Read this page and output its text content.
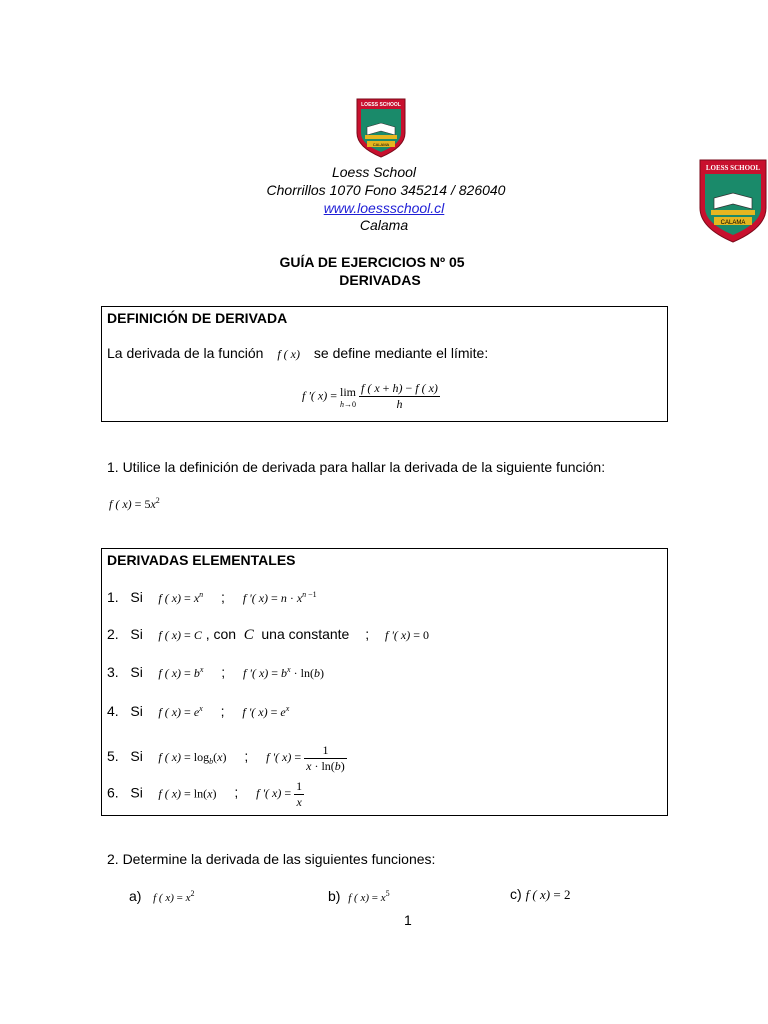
LOESS SCHOOL
CALAMA
LOESS SCHOOL
CALAMA
Loess School
Chorrillos 1070 Fono 345214 / 826040
www.loessschool.cl
Calama
GUÍA DE EJERCICIOS Nº 05
DERIVADAS
DEFINICIÓN DE DERIVADA
La derivada de la función f ( x) se define mediante el límite:
f '( x) = lim
h→0
$\frac{f ( x + h) - f ( x)}{h}$
1. Utilice la definición de derivada para hallar la derivada de la siguiente función:
f ( $x) = 5x^2$
DERIVADAS ELEMENTALES
1. Si f ( $x) = x^n$ ; f '( $x) = n \cdot x^{n -1}$
2. Si f ( x) = C , con  C  una constante ; f '( x) = 0
3. Si f ( $x) = b^x$ ; f '( $x) = b^x \cdot \ln(b)$
4. Si f ( $x) = e^x$ ; f '( $x) = e^x$
5. Si f ( $x) = \log_b(x)$ ; f '( $x) = \frac{1}{x \cdot \ln(b)}$
6. Si f ( x) = ln(x) ; f '( $x) = \frac{1}{x}$
2. Determine la derivada de las siguientes funciones:
a) f ( $x) = x^2$	b) f ( $x) = x^5$	c) f ( x) = 2
1
